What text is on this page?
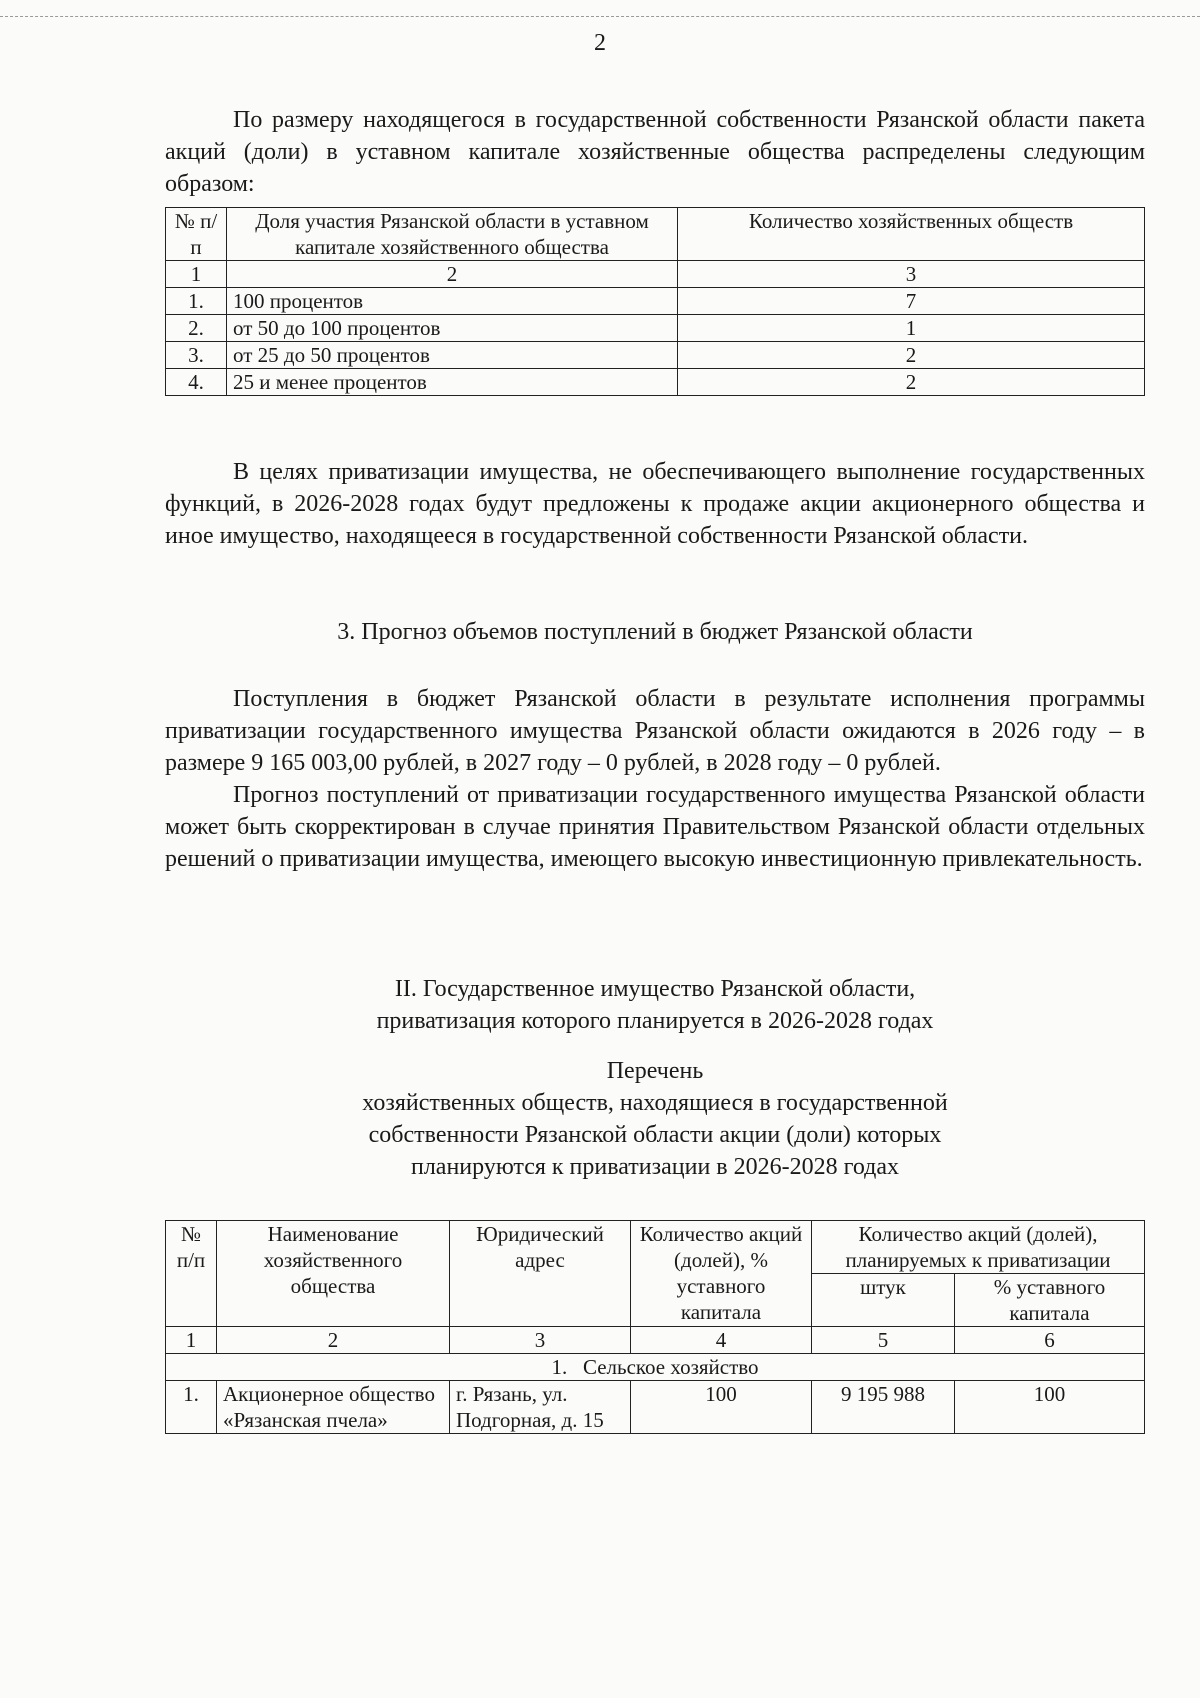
2

По размеру находящегося в государственной собственности Рязанской области пакета акций (доли) в уставном капитале хозяйственные общества распределены следующим образом:

№ п/п	Доля участия Рязанской области в уставном капитале хозяйственного общества	Количество хозяйственных обществ
1	2	3
1.	100 процентов	7
2.	от 50 до 100 процентов	1
3.	от 25 до 50 процентов	2
4.	25 и менее процентов	2

В целях приватизации имущества, не обеспечивающего выполнение государственных функций, в 2026-2028 годах будут предложены к продаже акции акционерного общества и иное имущество, находящееся в государственной собственности Рязанской области.

3. Прогноз объемов поступлений в бюджет Рязанской области

Поступления в бюджет Рязанской области в результате исполнения программы приватизации государственного имущества Рязанской области ожидаются в 2026 году – в размере 9 165 003,00 рублей, в 2027 году – 0 рублей, в 2028 году – 0 рублей.

Прогноз поступлений от приватизации государственного имущества Рязанской области может быть скорректирован в случае принятия Правительством Рязанской области отдельных решений о приватизации имущества, имеющего высокую инвестиционную привлекательность.

II. Государственное имущество Рязанской области,

приватизация которого планируется в 2026-2028 годах

Перечень

хозяйственных обществ, находящиеся в государственной

собственности Рязанской области акции (доли) которых

планируются к приватизации в 2026-2028 годах

№ п/п	Наименование хозяйственного общества	Юридический адрес	Количество акций (долей), % уставного капитала	Количество акций (долей), планируемых к приватизации	
				штук	% уставного капитала
1	2	3	4	5	6
1.   Сельское хозяйство					
1.	Акционерное общество «Рязанская пчела»	г. Рязань, ул. Подгорная, д. 15	100	9 195 988	100
